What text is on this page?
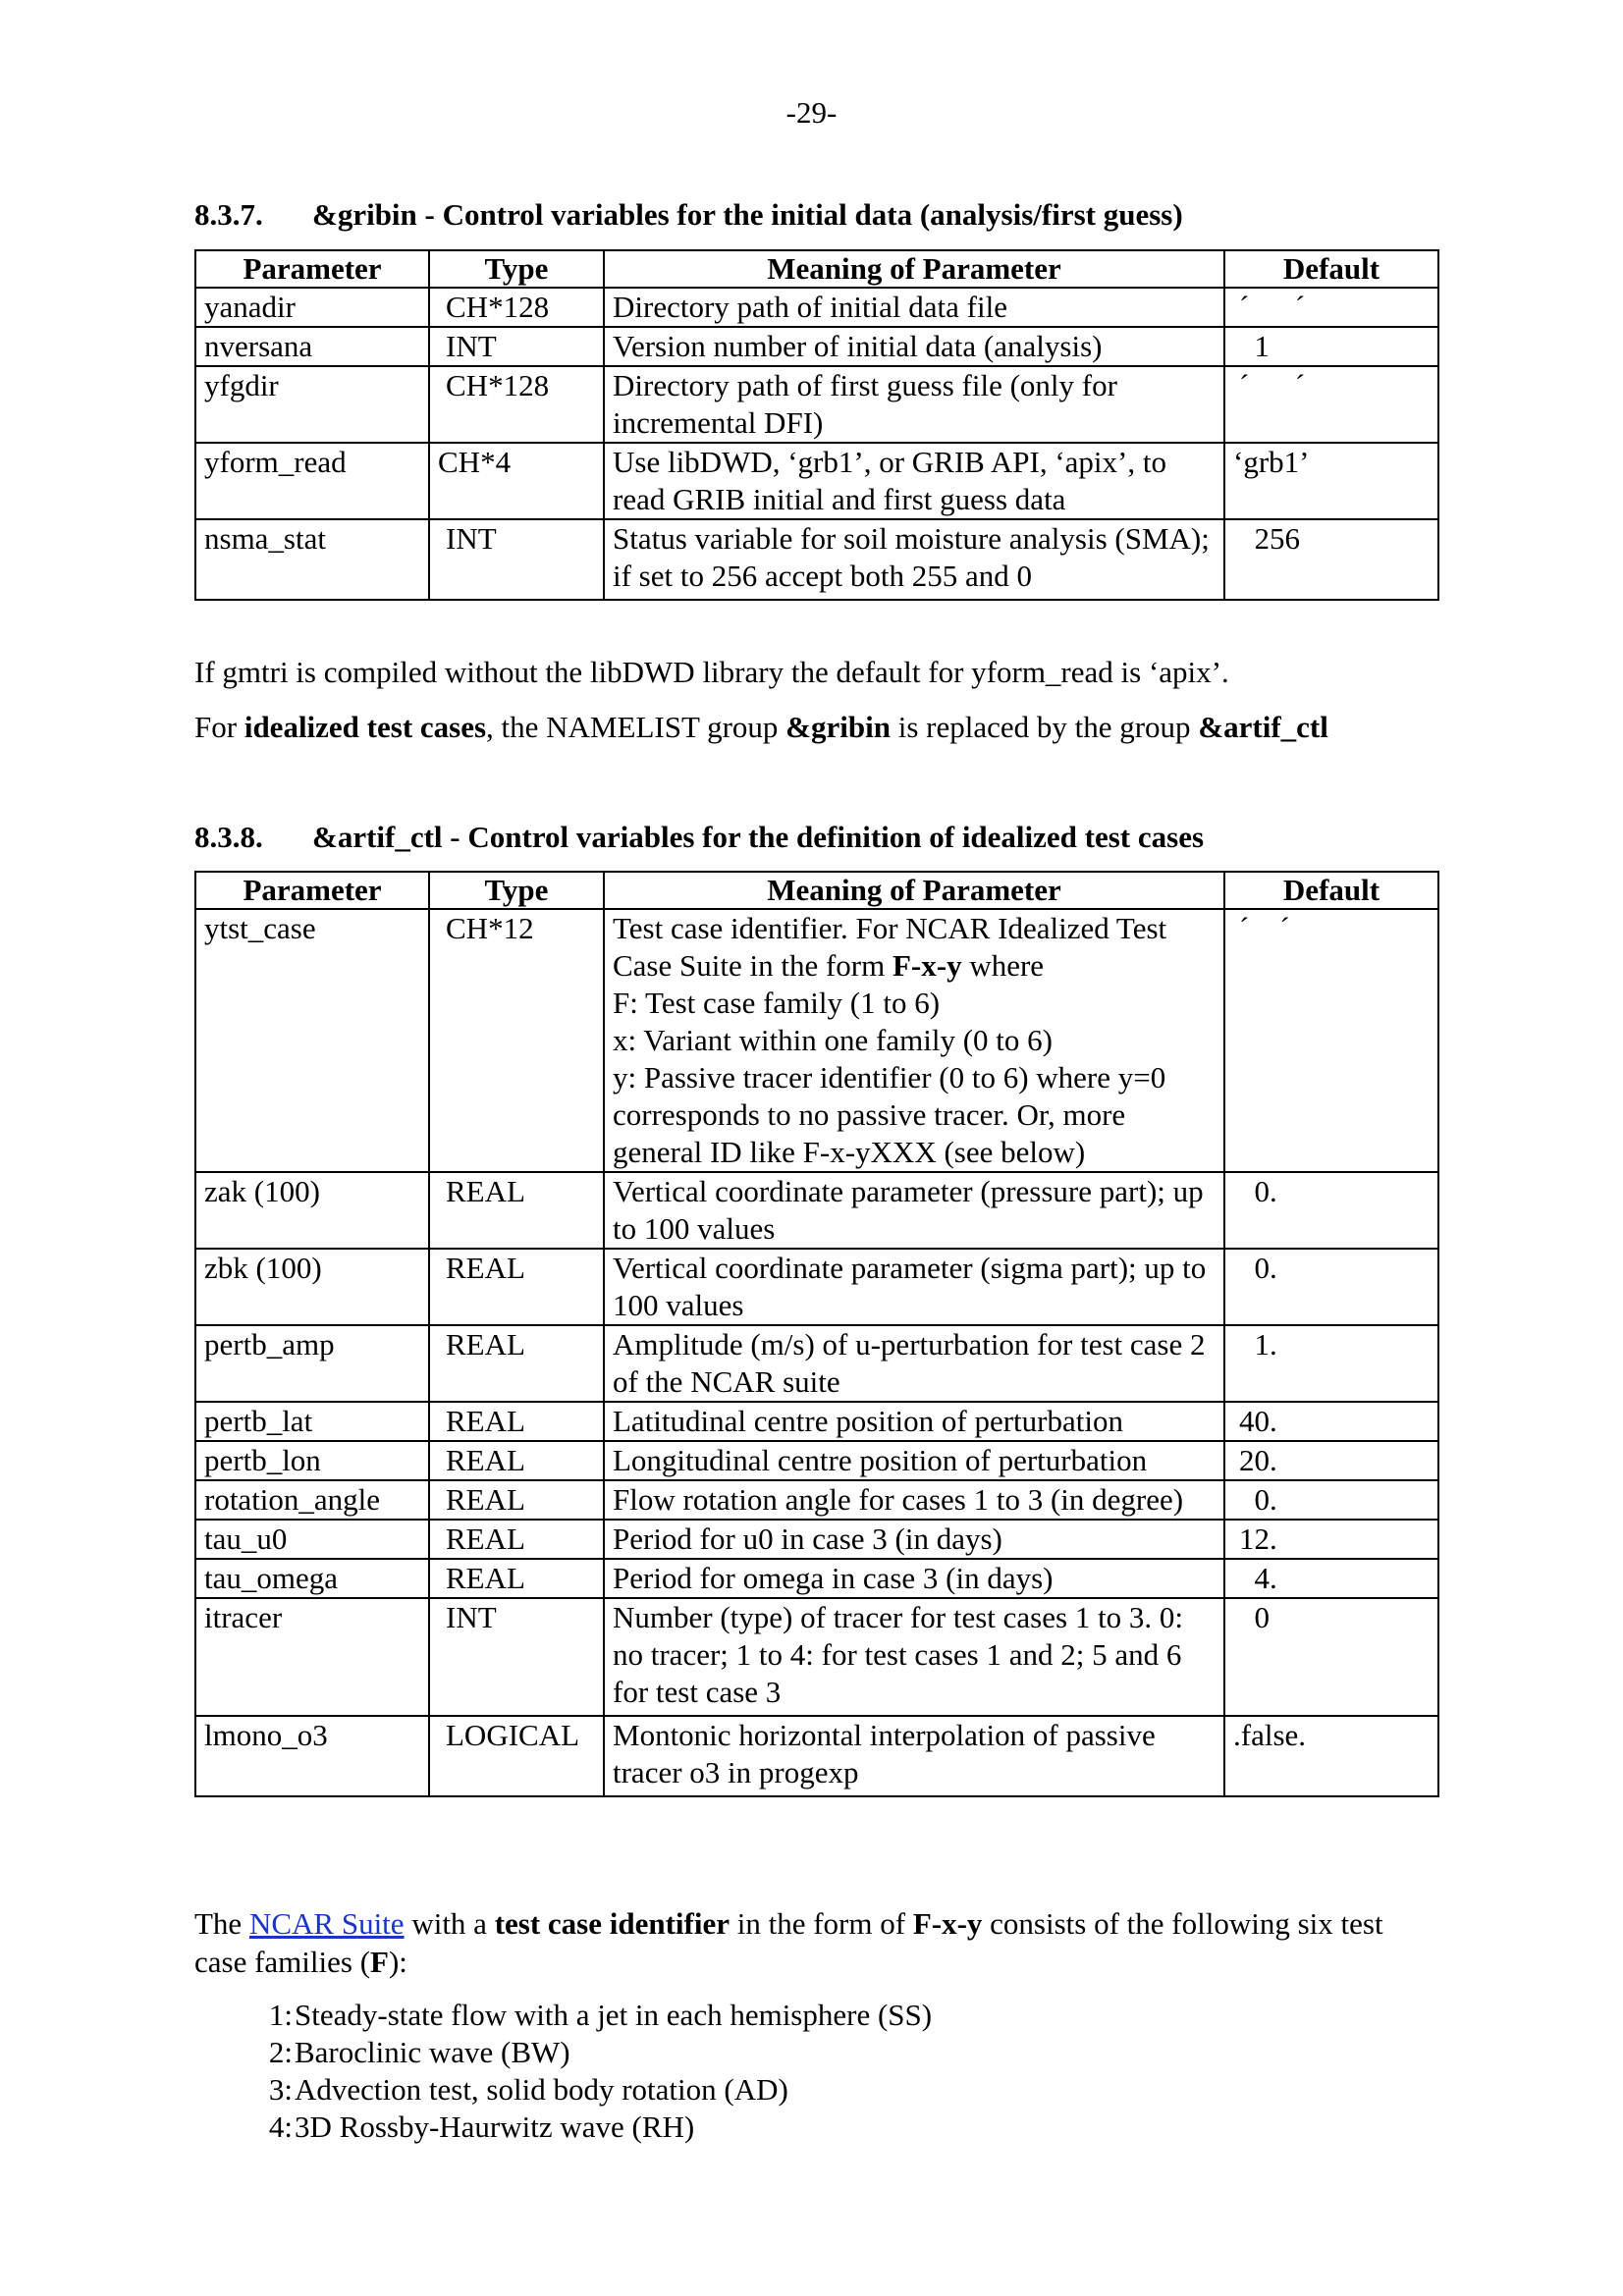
-29-
8.3.7. &gribin - Control variables for the initial data (analysis/first guess)
Parameter	Type	Meaning of Parameter	Default
yanadir	CH*128	Directory path of initial data file	´      ´
nversana	INT	Version number of initial data (analysis)	1
yfgdir	CH*128	Directory path of first guess file (only for incremental DFI)	´      ´
yform_read	CH*4	Use libDWD, ‘grb1’, or GRIB API, ‘apix’, to read GRIB initial and first guess data	‘grb1’
nsma_stat	INT	Status variable for soil moisture analysis (SMA); if set to 256 accept both 255 and 0	256
If gmtri is compiled without the libDWD library the default for yform_read is ‘apix’.
For idealized test cases, the NAMELIST group &gribin is replaced by the group &artif_ctl
8.3.8. &artif_ctl - Control variables for the definition of idealized test cases
Parameter	Type	Meaning of Parameter	Default
ytst_case	CH*12	Test case identifier. For NCAR Idealized Test Case Suite in the form F-x-y where
F: Test case family (1 to 6)
x: Variant within one family (0 to 6)
y: Passive tracer identifier (0 to 6) where y=0 corresponds to no passive tracer. Or, more general ID like F-x-yXXX (see below)	´    ´
zak (100)	REAL	Vertical coordinate parameter (pressure part); up to 100 values	0.
zbk (100)	REAL	Vertical coordinate parameter (sigma part); up to 100 values	0.
pertb_amp	REAL	Amplitude (m/s) of u-perturbation for test case 2 of the NCAR suite	1.
pertb_lat	REAL	Latitudinal centre position of perturbation	40.
pertb_lon	REAL	Longitudinal centre position of perturbation	20.
rotation_angle	REAL	Flow rotation angle for cases 1 to 3 (in degree)	0.
tau_u0	REAL	Period for u0 in case 3 (in days)	12.
tau_omega	REAL	Period for omega in case 3 (in days)	4.
itracer	INT	Number (type) of tracer for test cases 1 to 3. 0: no tracer; 1 to 4: for test cases 1 and 2; 5 and 6 for test case 3	0
lmono_o3	LOGICAL	Montonic horizontal interpolation of passive tracer o3 in progexp	.false.
The NCAR Suite with a test case identifier in the form of F-x-y consists of the following six test case families (F):
1: Steady-state flow with a jet in each hemisphere (SS)
2: Baroclinic wave (BW)
3: Advection test, solid body rotation (AD)
4: 3D Rossby-Haurwitz wave (RH)
